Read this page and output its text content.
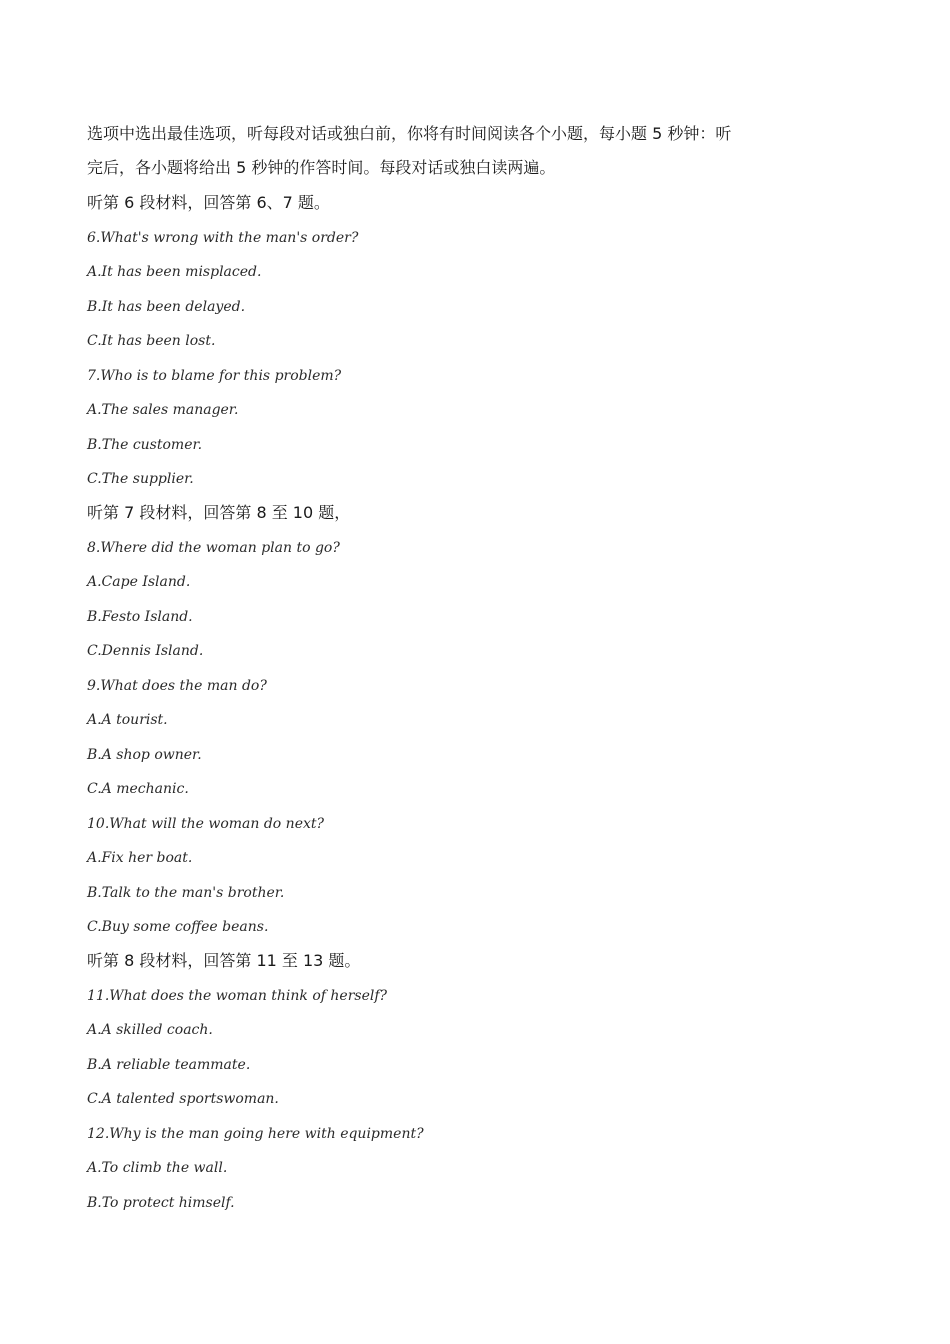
选项中选出最佳选项，听每段对话或独白前，你将有时间阅读各个小题，每小题 5 秒钟：听
完后，各小题将给出 5 秒钟的作答时间。每段对话或独白读两遍。
听第 6 段材料，回答第 6、7 题。
6.What's wrong with the man's order?
A.It has been misplaced.
B.It has been delayed.
C.It has been lost.
7.Who is to blame for this problem?
A.The sales manager.
B.The customer.
C.The supplier.
听第 7 段材料，回答第 8 至 10 题，
8.Where did the woman plan to go?
A.Cape Island.
B.Festo Island.
C.Dennis Island.
9.What does the man do?
A.A tourist.
B.A shop owner.
C.A mechanic.
10.What will the woman do next?
A.Fix her boat.
B.Talk to the man's brother.
C.Buy some coffee beans.
听第 8 段材料，回答第 11 至 13 题。
11.What does the woman think of herself?
A.A skilled coach.
B.A reliable teammate.
C.A talented sportswoman.
12.Why is the man going here with equipment?
A.To climb the wall.
B.To protect himself.
